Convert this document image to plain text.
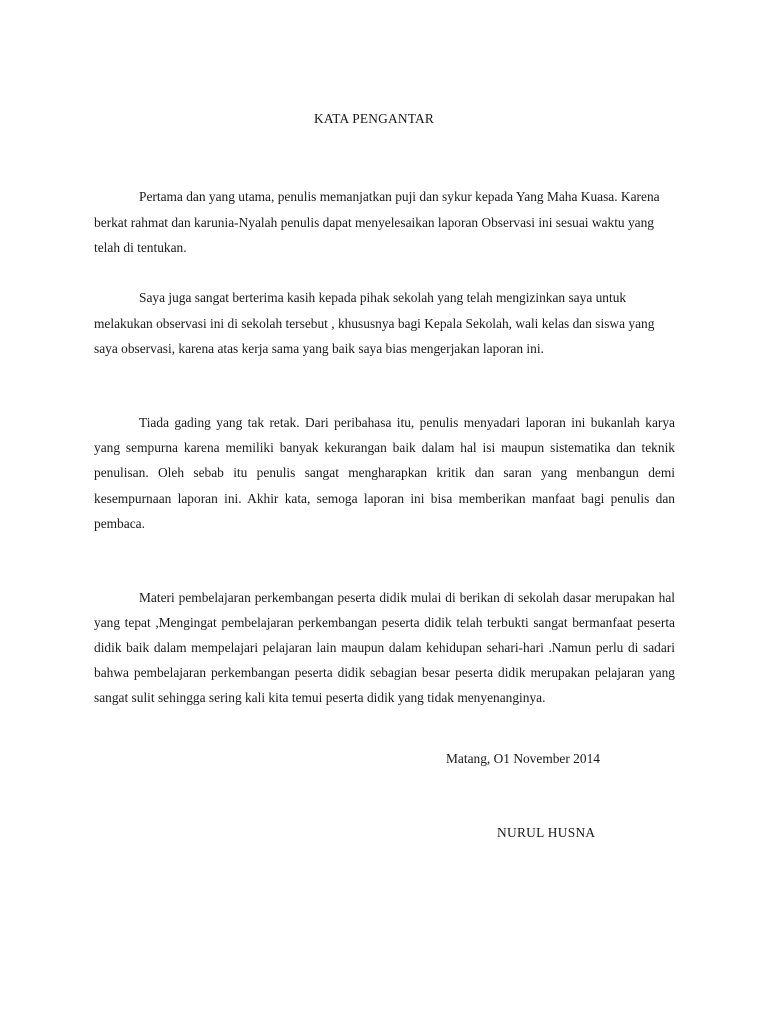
KATA PENGANTAR

Pertama dan yang utama, penulis memanjatkan puji dan sykur kepada Yang Maha Kuasa. Karena berkat rahmat dan karunia-Nyalah penulis dapat menyelesaikan laporan Observasi ini sesuai waktu yang telah di tentukan.

Saya juga sangat berterima kasih kepada pihak sekolah yang telah mengizinkan saya untuk melakukan observasi ini di sekolah tersebut , khususnya bagi Kepala Sekolah, wali kelas dan siswa yang saya observasi, karena atas kerja sama yang baik saya bias mengerjakan laporan ini.

Tiada gading yang tak retak. Dari peribahasa itu, penulis menyadari laporan ini bukanlah karya yang sempurna karena memiliki banyak kekurangan baik dalam hal isi maupun sistematika dan teknik penulisan. Oleh sebab itu penulis sangat mengharapkan kritik dan saran yang menbangun demi kesempurnaan laporan ini. Akhir kata, semoga laporan ini bisa memberikan manfaat bagi penulis dan pembaca.

Materi pembelajaran perkembangan peserta didik mulai di berikan di sekolah dasar merupakan hal yang tepat ,Mengingat pembelajaran perkembangan peserta didik telah terbukti sangat bermanfaat peserta didik baik dalam mempelajari pelajaran lain maupun dalam kehidupan sehari-hari .Namun perlu di sadari bahwa pembelajaran perkembangan peserta didik sebagian besar peserta didik merupakan pelajaran yang sangat sulit sehingga sering kali kita temui peserta didik yang tidak menyenanginya.

Matang, O1 November 2014
NURUL HUSNA
